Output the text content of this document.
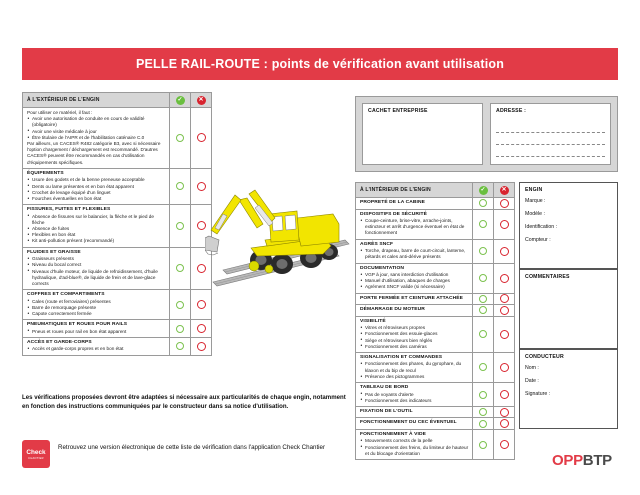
PELLE RAIL-ROUTE : points de vérification avant utilisation
À L'EXTÉRIEUR DE L'ENGIN	✓	✕
Pour utiliser ce matériel, il faut :
• Avoir une autorisation de conduite en cours de validité (obligatoire)
• Avoir une visite médicale à jour
• Être titulaire de l'AIPR et de l'habilitation caténaire C.0
Par ailleurs, un CACES® R482 catégorie B3, avec si nécessaire l'option chargement / déchargement est recommandé. D'autres CACES® peuvent être recommandés en cas d'utilisation d'équipements spécifiques.
ÉQUIPEMENTS
• Usure des godets et de la benne preneuse acceptable
• Dents ou lame présentes et en bon état apparent
• Crochet de levage équipé d'un linguet
• Fourches éventuelles en bon état
FISSURES, FUITES ET FLEXIBLES
• Absence de fissures sur le balancier, la flèche et le pied de flèche
• Absence de fuites
• Flexibles en bon état
• Kit anti-pollution présent (recommandé)
FLUIDES ET GRAISSE
• Graisseurs présents
• Niveau du bocal correct
• Niveaux d'huile moteur, de liquide de refroidissement, d'huile hydraulique, d'ad-blue®, de liquide de frein et de lave-glace corrects
COFFRES ET COMPARTIMENTS
• Cales (route et ferroviaires) présentes
• Barre de remorquage présente
• Capote correctement fermée
PNEUMATIQUES ET ROUES POUR RAILS
• Pneus et roues pour rail en bon état apparent
ACCÈS ET GARDE-CORPS
• Accès et garde-corps propres et en bon état
CACHET ENTREPRISE	ADRESSE :
À L'INTÉRIEUR DE L'ENGIN	✓	✕
PROPRETÉ DE LA CABINE
DISPOSITIFS DE SÉCURITÉ
• Coupe-ceinture, brise-vitre, arrache-joints, extincteur et arrêt d'urgence éventuel en état de fonctionnement
AGRÈS SNCF
• Torche, drapeau, barre de court-circuit, lanterne, pétards et cales anti-dérive présents
DOCUMENTATION
• VGP à jour, sans interdiction d'utilisation
• Manuel d'utilisation, abaques de charges
• Agrément SNCF valide (si nécessaire)
PORTE FERMÉE ET CEINTURE ATTACHÉE
DÉMARRAGE DU MOTEUR
VISIBILITÉ
• Vitres et rétroviseurs propres
• Fonctionnement des essuie-glaces
• Siège et rétroviseurs bien réglés
• Fonctionnement des caméras
SIGNALISATION ET COMMANDES
• Fonctionnement des phares, du gyrophare, du klaxon et du bip de recul
• Présence des pictogrammes
TABLEAU DE BORD
• Pas de voyants d'alerte
• Fonctionnement des indicateurs
FIXATION DE L'OUTIL
FONCTIONNEMENT DU CEC ÉVENTUEL
FONCTIONNEMENT À VIDE
• Mouvements corrects de la pelle
• Fonctionnement des freins, du limiteur de hauteur et du blocage d'orientation
ENGIN
Marque :
Modèle :
Identification :
Compteur :
COMMENTAIRES
CONDUCTEUR
Nom :
Date :
Signature :
Les vérifications proposées devront être adaptées si nécessaire aux particularités de chaque engin, notamment en fonction des instructions communiquées par le constructeur dans sa notice d'utilisation.
Check
CHANTIER
Retrouvez une version électronique de cette liste de vérification dans l'application Check Chantier
OPPBTP
